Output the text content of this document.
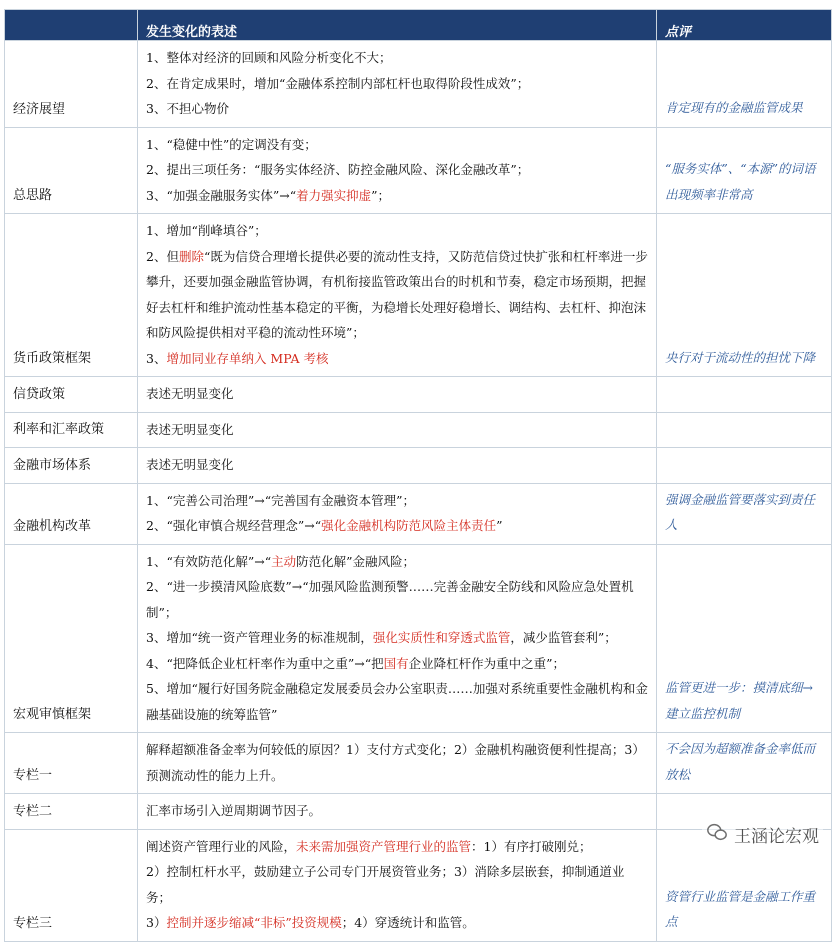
	发生变化的表述	点评
经济展望	1、整体对经济的回顾和风险分析变化不大；
2、在肯定成果时，增加“金融体系控制内部杠杆也取得阶段性成效”；
3、不担心物价	肯定现有的金融监管成果
总思路	1、“稳健中性”的定调没有变；
2、提出三项任务：“服务实体经济、防控金融风险、深化金融改革”；
3、“加强金融服务实体”→“着力强实抑虚”；	“服务实体”、“本源”的词语出现频率非常高
货币政策框架	1、增加“削峰填谷”；
2、但删除“既为信贷合理增长提供必要的流动性支持，又防范信贷过快扩张和杠杆率进一步攀升，还要加强金融监管协调，有机衔接监管政策出台的时机和节奏，稳定市场预期，把握好去杠杆和维护流动性基本稳定的平衡，为稳增长处理好稳增长、调结构、去杠杆、抑泡沫和防风险提供相对平稳的流动性环境”；
3、增加同业存单纳入 MPA 考核	央行对于流动性的担忧下降
信贷政策	表述无明显变化	
利率和汇率政策	表述无明显变化	
金融市场体系	表述无明显变化	
金融机构改革	1、“完善公司治理”→“完善国有金融资本管理”；
2、“强化审慎合规经营理念”→“强化金融机构防范风险主体责任”	强调金融监管要落实到责任人
宏观审慎框架	1、“有效防范化解”→“主动防范化解”金融风险；
2、“进一步摸清风险底数”→“加强风险监测预警……完善金融安全防线和风险应急处置机制”；
3、增加“统一资产管理业务的标准规制，强化实质性和穿透式监管，减少监管套利”；
4、“把降低企业杠杆率作为重中之重”→“把国有企业降杠杆作为重中之重”；
5、增加“履行好国务院金融稳定发展委员会办公室职责……加强对系统重要性金融机构和金融基础设施的统筹监管”	监管更进一步：摸清底细→建立监控机制
专栏一	解释超额准备金率为何较低的原因？1）支付方式变化；2）金融机构融资便利性提高；3）预测流动性的能力上升。	不会因为超额准备金率低而放松
专栏二	汇率市场引入逆周期调节因子。	
专栏三	阐述资产管理行业的风险，未来需加强资产管理行业的监管：1）有序打破刚兑；
2）控制杠杆水平，鼓励建立子公司专门开展资管业务；3）消除多层嵌套，抑制通道业务；
3）控制并逐步缩减“非标”投资规模；4）穿透统计和监管。	资管行 点
王涵论宏观
